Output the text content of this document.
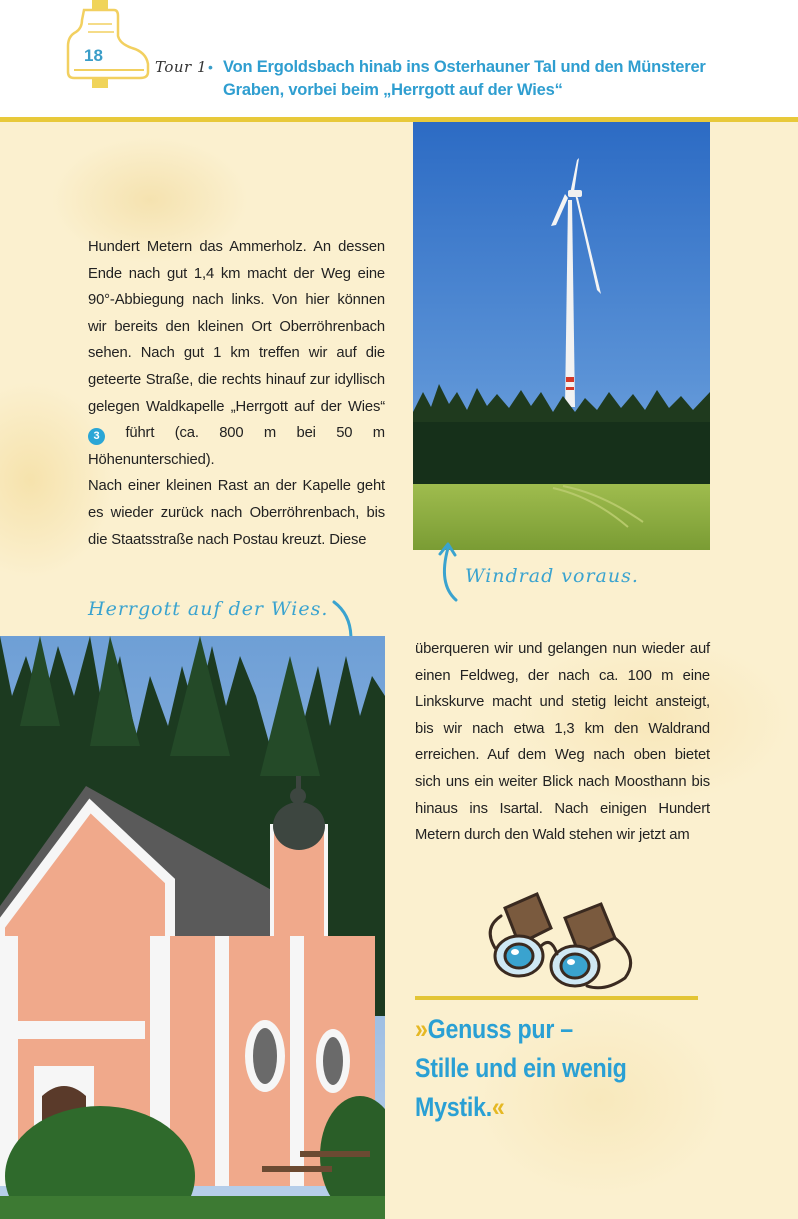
18
Tour 1 • Von Ergoldsbach hinab ins Osterhauner Tal und den Münsterer Graben, vorbei beim „Herrgott auf der Wies“

Hundert Metern das Ammerholz. An dessen Ende nach gut 1,4 km macht der Weg eine 90°-Abbiegung nach links. Von hier können wir bereits den kleinen Ort Oberröhrenbach sehen. Nach gut 1 km treffen wir auf die geteerte Straße, die rechts hinauf zur idyllisch gelegen Waldkapelle „Herrgott auf der Wies“ 3 führt (ca. 800 m bei 50 m Höhenunterschied).

Nach einer kleinen Rast an der Kapelle geht es wieder zurück nach Oberröhrenbach, bis die Staatsstraße nach Postau kreuzt. Diese

Windrad voraus.
Herrgott auf der Wies.

überqueren wir und gelangen nun wieder auf einen Feldweg, der nach ca. 100 m eine Linkskurve macht und stetig leicht ansteigt, bis wir nach etwa 1,3 km den Waldrand erreichen. Auf dem Weg nach oben bietet sich uns ein weiter Blick nach Moosthann bis hinaus ins Isartal. Nach einigen Hundert Metern durch den Wald stehen wir jetzt am

»Genuss pur –
Stille und ein wenig Mystik.«
